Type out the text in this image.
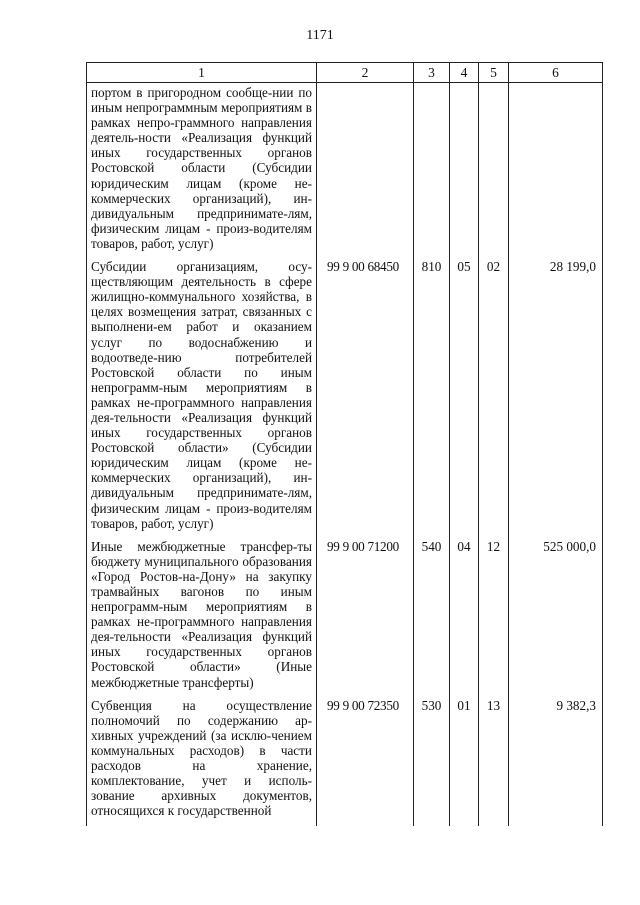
1171
1	2	3	4	5	6
портом в пригородном сообще-нии по иным непрограммным мероприятиям в рамках непро-граммного направления деятель-ности «Реализация функций иных государственных органов Ростовской области (Субсидии юридическим лицам (кроме не-коммерческих организаций), ин-дивидуальным предпринимате-лям, физическим лицам - произ-водителям товаров, работ, услуг)					
Субсидии организациям, осу-ществляющим деятельность в сфере жилищно-коммунального хозяйства, в целях возмещения затрат, связанных с выполнени-ем работ и оказанием услуг по водоснабжению и водоотведе-нию потребителей Ростовской области по иным непрограмм-ным мероприятиям в рамках не-программного направления дея-тельности «Реализация функций иных государственных органов Ростовской области» (Субсидии юридическим лицам (кроме не-коммерческих организаций), ин-дивидуальным предпринимате-лям, физическим лицам - произ-водителям товаров, работ, услуг)	99 9 00 68450	810	05	02	28 199,0
Иные межбюджетные трансфер-ты бюджету муниципального образования «Город Ростов-на-Дону» на закупку трамвайных вагонов по иным непрограмм-ным мероприятиям в рамках не-программного направления дея-тельности «Реализация функций иных государственных органов Ростовской области» (Иные межбюджетные трансферты)	99 9 00 71200	540	04	12	525 000,0
Субвенция на осуществление полномочий по содержанию ар-хивных учреждений (за исклю-чением коммунальных расходов) в части расходов на хранение, комплектование, учет и исполь-зование архивных документов, относящихся к государственной	99 9 00 72350	530	01	13	9 382,3
